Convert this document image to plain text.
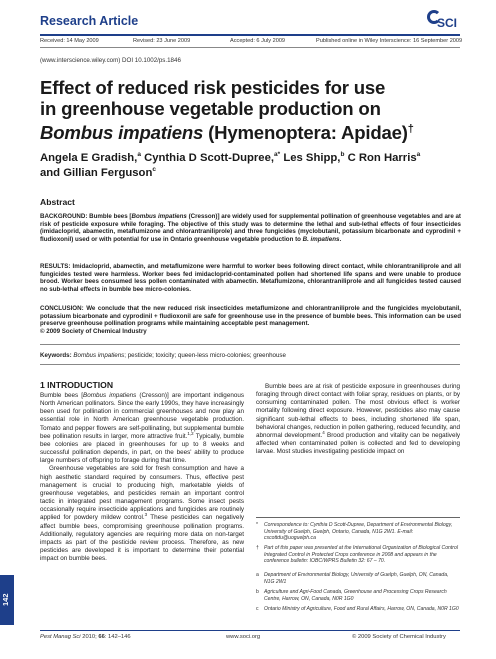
Research Article	SCI
Received: 14 May 2009	Revised: 23 June 2009	Accepted: 6 July 2009	Published online in Wiley Interscience: 16 September 2009
(www.interscience.wiley.com) DOI 10.1002/ps.1846
Effect of reduced risk pesticides for use
in greenhouse vegetable production on
Bombus impatiens (Hymenoptera: Apidae)†
Angela E Gradish,$^a$ Cynthia D Scott-Dupree,$^{a*}$ Les Shipp,$^b$ C Ron Harris$^a$
and Gillian Ferguson$^c$
Abstract
BACKGROUND: Bumble bees [Bombus impatiens (Cresson)] are widely used for supplemental pollination of greenhouse vegetables and are at risk of pesticide exposure while foraging. The objective of this study was to determine the lethal and sub-lethal effects of four insecticides (imidacloprid, abamectin, metaflumizone and chlorantraniliprole) and three fungicides (myclobutanil, potassium bicarbonate and cyprodinil + fludioxonil) used or with potential for use in Ontario greenhouse vegetable production to B. impatiens.
RESULTS: Imidacloprid, abamectin, and metaflumizone were harmful to worker bees following direct contact, while chlorantraniliprole and all fungicides tested were harmless. Worker bees fed imidacloprid-contaminated pollen had shortened life spans and were unable to produce brood. Worker bees consumed less pollen contaminated with abamectin. Metaflumizone, chlorantraniliprole and all fungicides tested caused no sub-lethal effects in bumble bee micro-colonies.
CONCLUSION: We conclude that the new reduced risk insecticides metaflumizone and chlorantraniliprole and the fungicides myclobutanil, potassium bicarbonate and cyprodinil + fludioxonil are safe for greenhouse use in the presence of bumble bees. This information can be used preserve greenhouse pollination programs while maintaining acceptable pest management.
© 2009 Society of Chemical Industry
Keywords: Bombus impatiens; pesticide; toxicity; queen-less micro-colonies; greenhouse
1 INTRODUCTION

Bumble bees [Bombus impatiens (Cresson)] are important indigenous North American pollinators. Since the early 1990s, they have increasingly been used for pollination in commercial greenhouses and now play an essential role in North American greenhouse vegetable production. Tomato and pepper flowers are self-pollinating, but supplemental bumble bee pollination results in larger, more attractive fruit.$^{1,2}$ Typically, bumble bee colonies are placed in greenhouses for up to 8 weeks and successful pollination depends, in part, on the bees' ability to produce large numbers of offspring to forage during that time.

Greenhouse vegetables are sold for fresh consumption and have a high aesthetic standard required by consumers. Thus, effective pest management is crucial to producing high, marketable yields of greenhouse vegetables, and pesticides remain an important control tactic in integrated pest management programs. Some insect pests occasionally require insecticide applications and fungicides are routinely applied for powdery mildew control.$^3$ These pesticides can negatively affect bumble bees, compromising greenhouse pollination programs. Additionally, regulatory agencies are requiring more data on non-target impacts as part of the pesticide review process. Therefore, as new pesticides are developed it is important to determine their potential impact on bumble bees.

Bumble bees are at risk of pesticide exposure in greenhouses during foraging through direct contact with foliar spray, residues on plants, or by consuming contaminated pollen. The most obvious effect is worker mortality following direct exposure. However, pesticides also may cause significant sub-lethal effects to bees, including shortened life span, behavioral changes, reduction in pollen gathering, reduced fecundity, and abnormal development.$^4$ Brood production and vitality can be negatively affected when contaminated pollen is collected and fed to developing larvae. Most studies investigating pesticide impact on

*	Correspondence to: Cynthia D Scott-Dupree, Department of Environmental Biology, University of Guelph, Guelph, Ontario, Canada, N1G 2W1. E-mail: cscottdu@uoguelph.ca
†	Part of this paper was presented at the International Organization of Biological Control Integrated Control in Protected Crops conference in 2008 and appears in the conference bulletin: IOBC/WPRS Bulletin 32: 67 – 70.
a	Department of Environmental Biology, University of Guelph, Guelph, ON, Canada, N1G 2W1
b	Agriculture and Agri-Food Canada, Greenhouse and Processing Crops Research Centre, Harrow, ON, Canada, N0R 1G0
c	Ontario Ministry of Agriculture, Food and Rural Affairs, Harrow, ON, Canada, N0R 1G0
142
Pest Manag Sci 2010; 66: 142–146	www.soci.org	© 2009 Society of Chemical Industry
